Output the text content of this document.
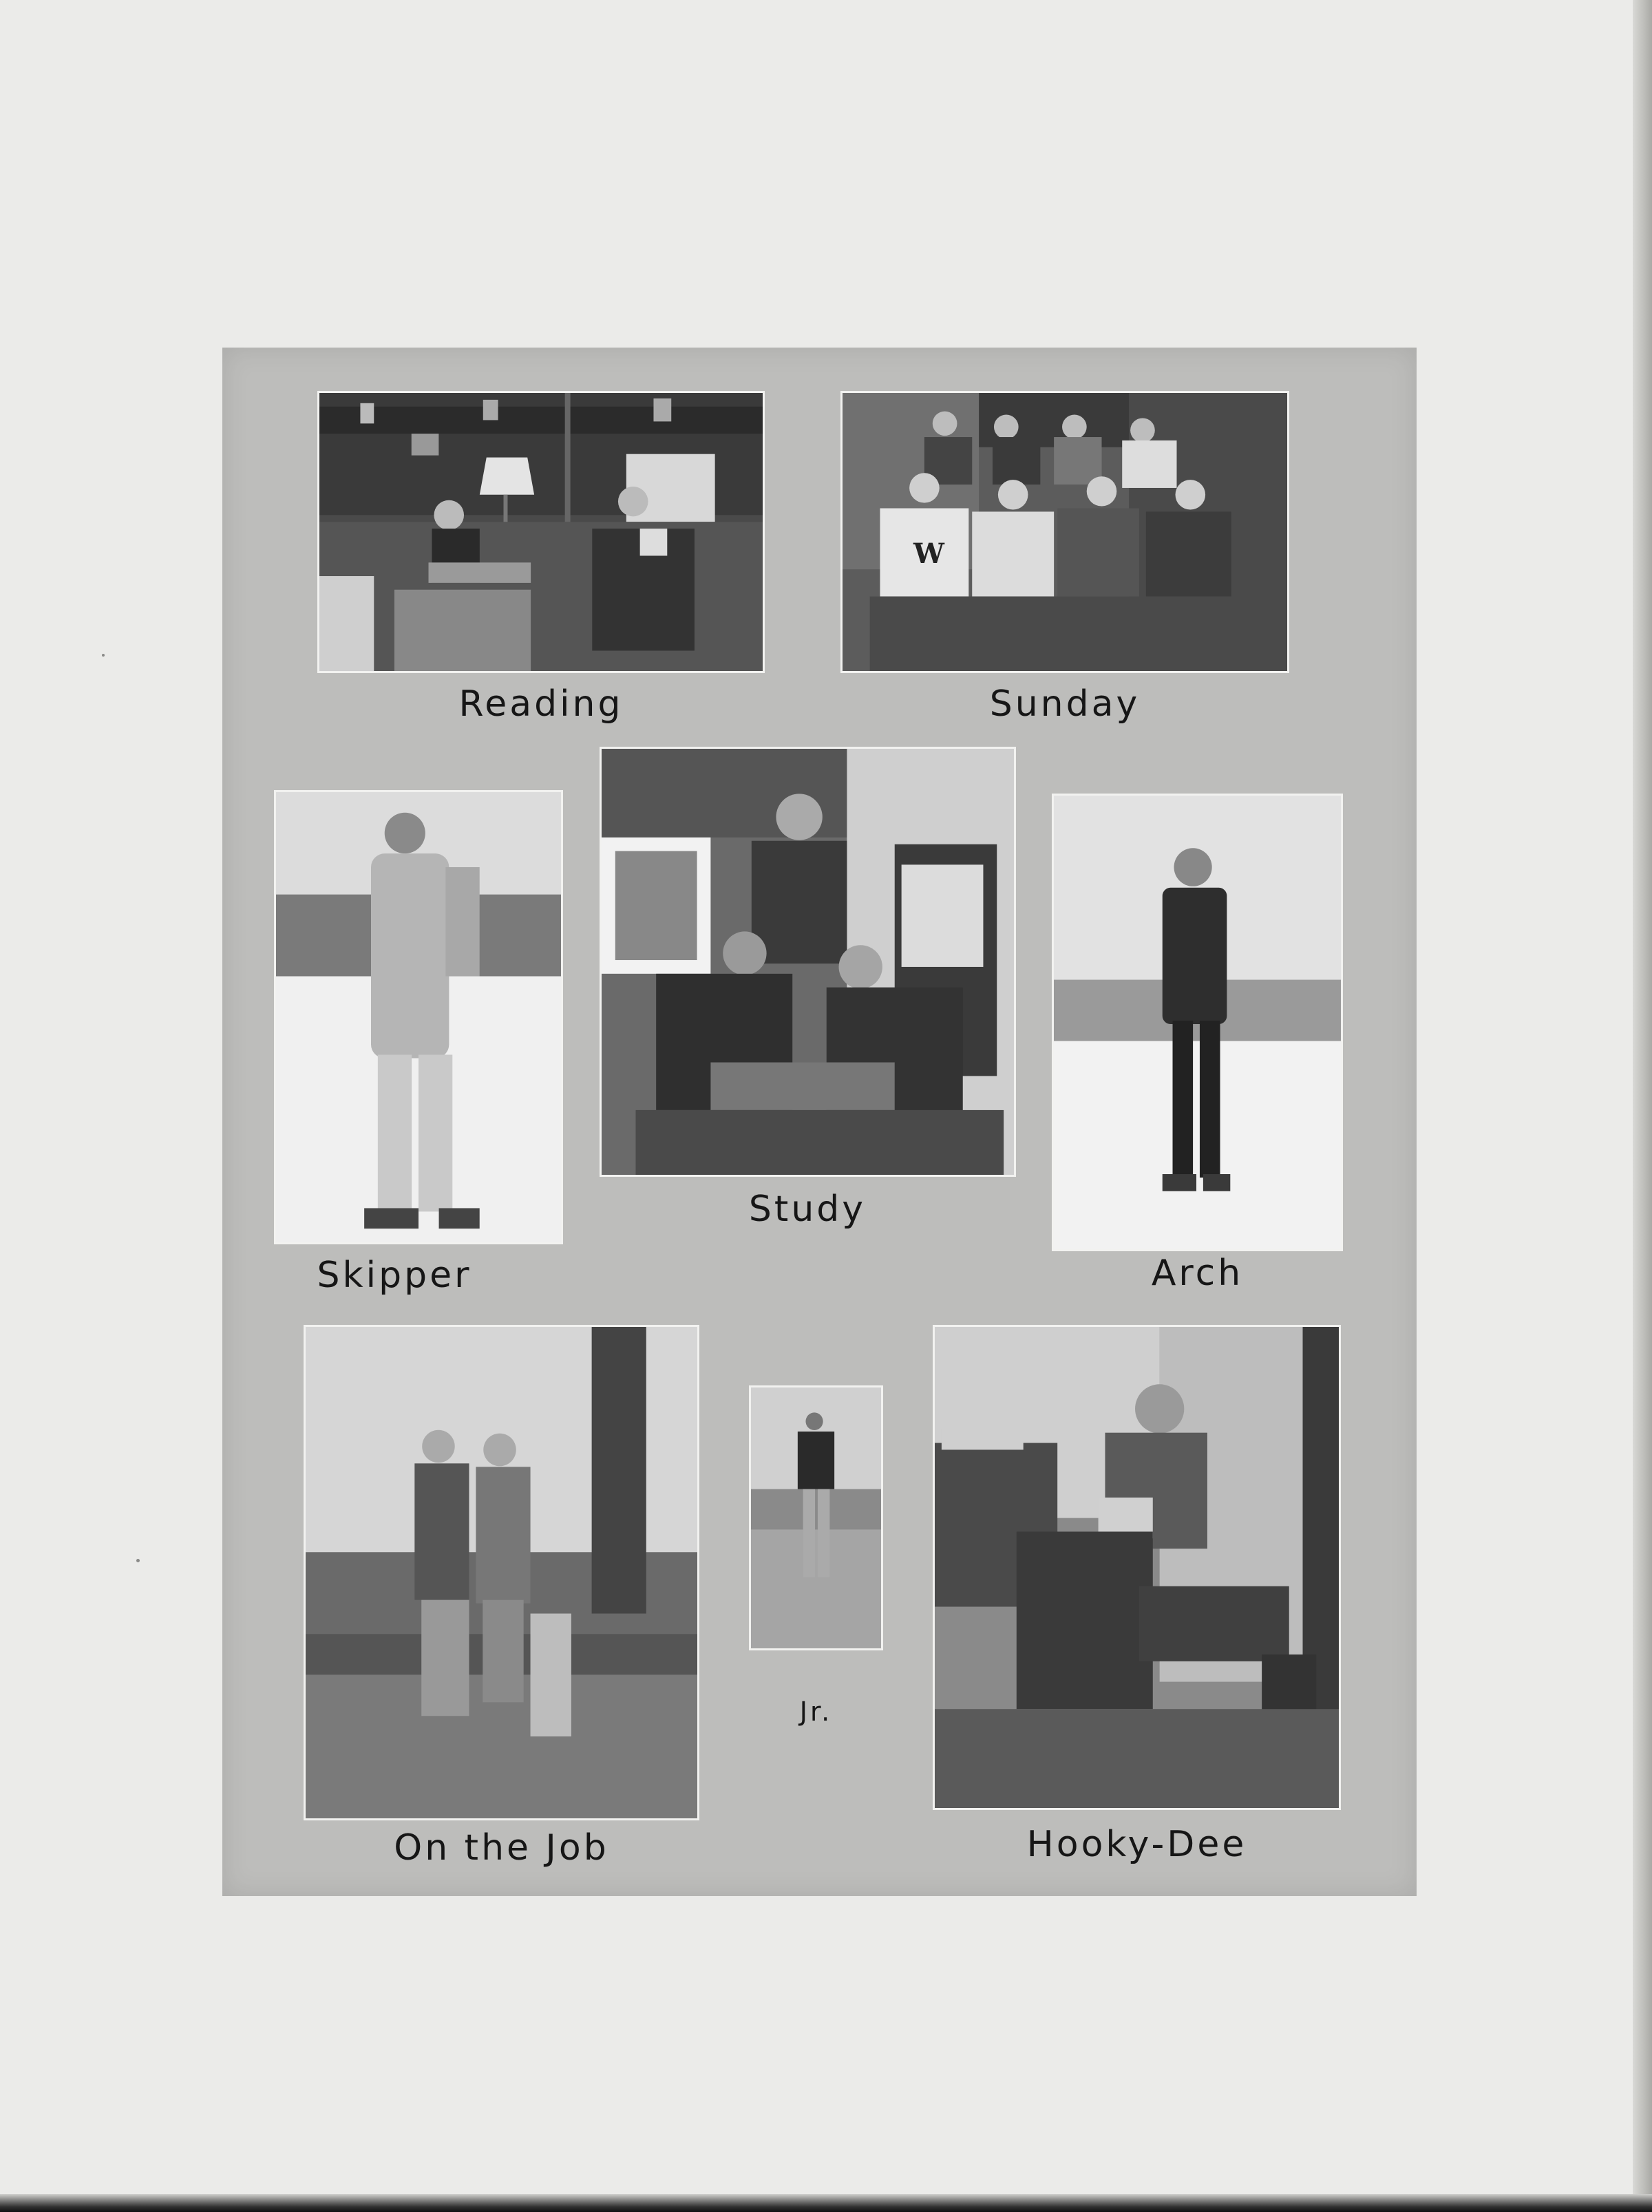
Reading
W
Sunday
Skipper
Study
Arch
On the Job
Jr.
Hooky-Dee
